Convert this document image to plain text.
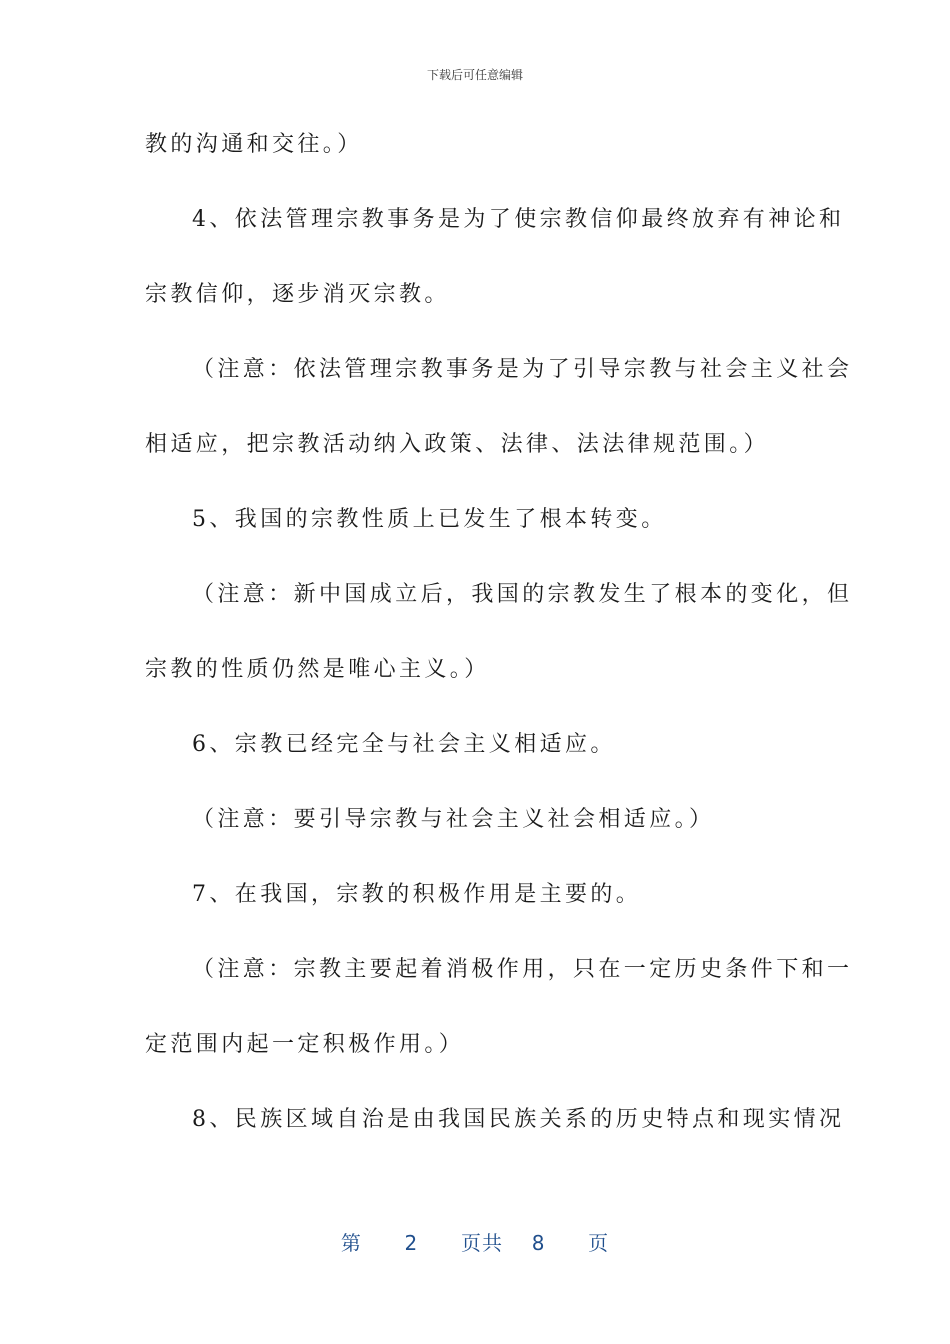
下载后可任意编辑
教的沟通和交往。）
4、依法管理宗教事务是为了使宗教信仰最终放弃有神论和
宗教信仰，逐步消灭宗教。
（注意：依法管理宗教事务是为了引导宗教与社会主义社会
相适应，把宗教活动纳入政策、法律、法法律规范围。）
5、我国的宗教性质上已发生了根本转变。
（注意：新中国成立后，我国的宗教发生了根本的变化，但
宗教的性质仍然是唯心主义。）
6、宗教已经完全与社会主义相适应。
（注意：要引导宗教与社会主义社会相适应。）
7、在我国，宗教的积极作用是主要的。
（注意：宗教主要起着消极作用，只在一定历史条件下和一
定范围内起一定积极作用。）
8、民族区域自治是由我国民族关系的历史特点和现实情况
第 2 页共 8 页
